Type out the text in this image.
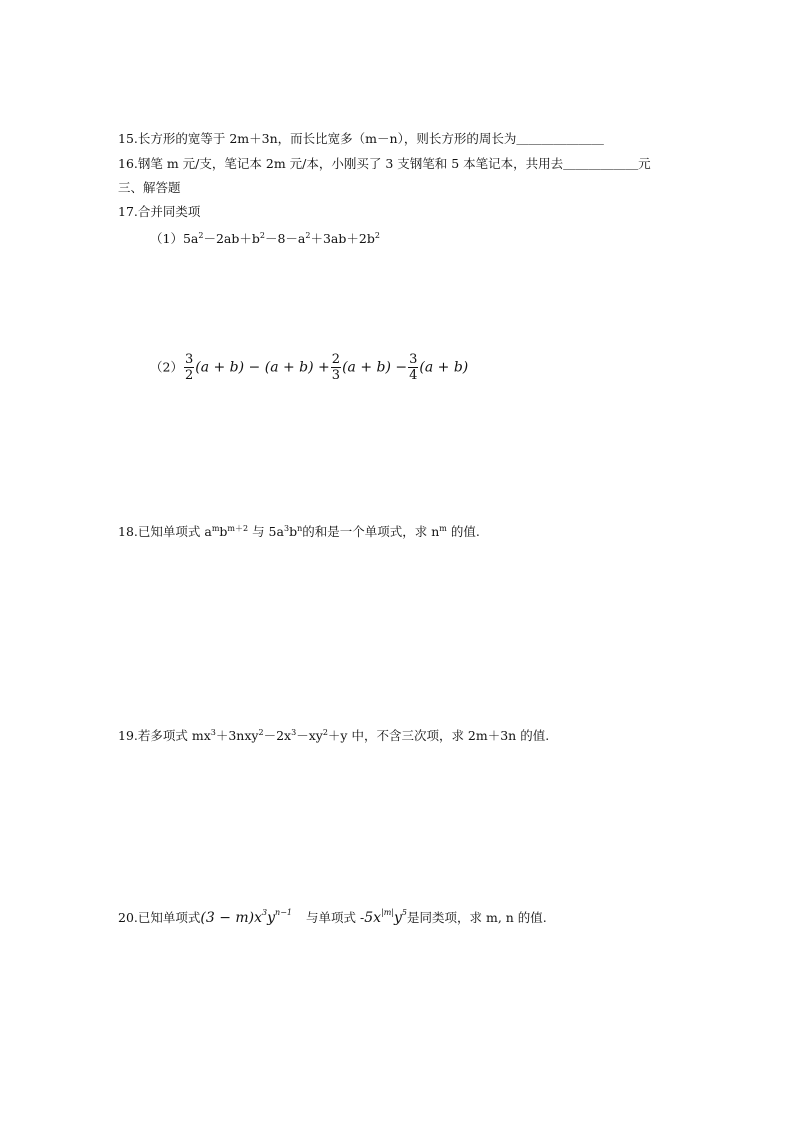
15.长方形的宽等于 2m＋3n，而长比宽多（m－n），则长方形的周长为＿＿＿＿＿＿＿
16.钢笔 m 元/支，笔记本 2m 元/本，小刚买了 3 支钢笔和 5 本笔记本，共用去＿＿＿＿＿＿元
三、解答题
17.合并同类项
$(1)5a^2-2ab+b^2-8-a^2+3ab+2b^2$
$(2) \frac{3}{2} (a + b) - (a + b) + \frac{2}{3} (a + b) - \frac{3}{4} (a + b)$
18.已知单项式 $a^mb^{m+2}$ 与 $5a^3b^n$的和是一个单项式，求 $n^m$ 的值.
19.若多项式 $mx^3+3nxy^2-2x^3-xy^2+y$ 中，不含三次项，求 2m＋3n 的值.
20.已知单项式$(3 - m)x^3y^{n-1}$ 与单项式 $-5x^{|m|}y^5$是同类项，求 m, n 的值.
